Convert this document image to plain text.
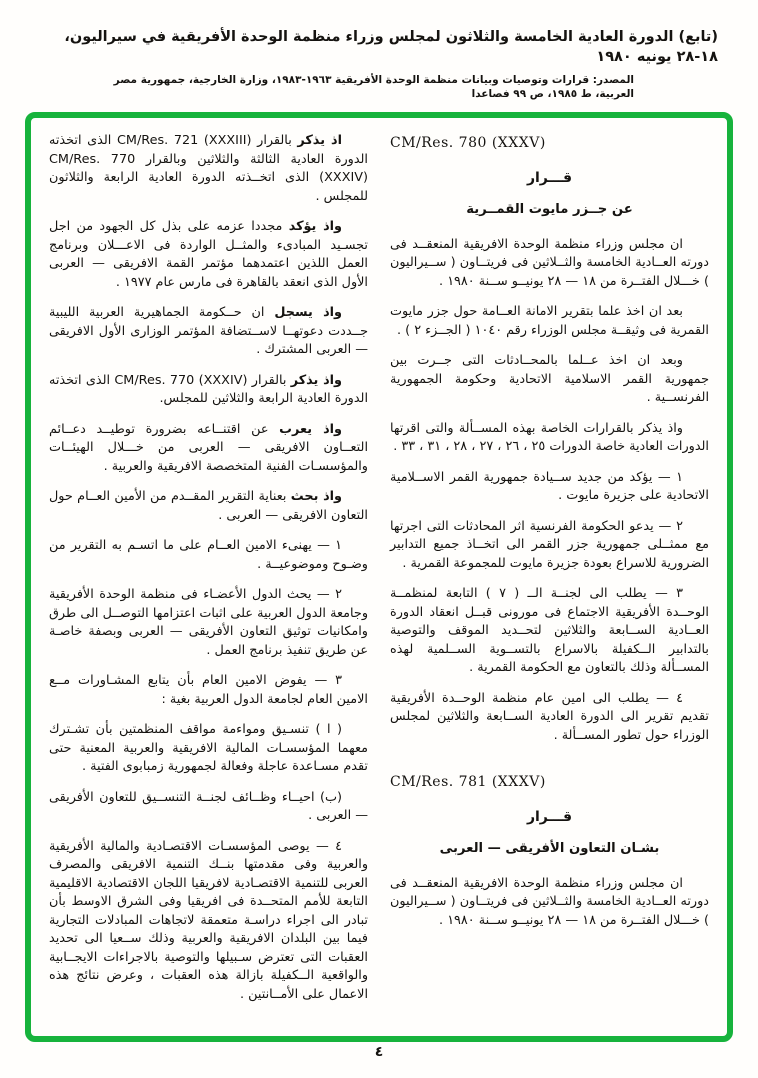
(تابع) الدورة العادية الخامسة والثلاثون لمجلس وزراء منظمة الوحدة الأفريقية في سيراليون، ١٨-٢٨ يونيه ١٩٨٠
المصدر: قرارات وتوصيات وبيانات منظمة الوحدة الأفريقية ١٩٦٣-١٩٨٣، وزارة الخارجية، جمهورية مصر العربية، ط ١٩٨٥، ص ٩٩ فصاعدا
CM/Res. 780 (XXXV)
قـــرار
عن جــزر مايوت القمــرية

ان مجلس وزراء منظمة الوحدة الافريقية المنعقــد فى دورته العــادية الخامسة والثــلاثين فى فريتــاون ( ســيراليون ) خـــلال الفتــرة من ١٨ — ٢٨ يونيــو ســنة ١٩٨٠ .

بعد ان اخذ علما بتقرير الامانة العــامة حول جزر مايوت القمرية فى وثيقــة مجلس الوزراء رقم ١٠٤٠ ( الجــزء ٢ ) .

وبعد ان اخذ عــلما بالمحــادثات التى جــرت بين جمهورية القمر الاسلامية الاتحادية وحكومة الجمهورية الفرنســية .

واذ يذكر بالقرارات الخاصة بهذه المســألة والتى اقرتها الدورات العادية خاصة الدورات ٢٥ ، ٢٦ ، ٢٧ ، ٢٨ ، ٣١ ، ٣٣ .

١ — يؤكد من جديد ســيادة جمهورية القمر الاســلامية الاتحادية على جزيرة مايوت .

٢ — يدعو الحكومة الفرنسية اثر المحادثات التى اجرتها مع ممثــلى جمهورية جزر القمر الى اتخــاذ جميع التدابير الضرورية للاسراع بعودة جزيرة مايوت للمجموعة القمرية .

٣ — يطلب الى لجنــة الــ ( ٧ ) التابعة لمنظمــة الوحــدة الأفريقية الاجتماع فى مورونى قبــل انعقاد الدورة العــادية الســابعة والثلاثين لتحــديد الموقف والتوصية بالتدابير الــكفيلة بالاسراع بالتســوية الســلمية لهذه المســألة وذلك بالتعاون مع الحكومة القمرية .

٤ — يطلب الى امين عام منظمة الوحــدة الأفريقية تقديم تقرير الى الدورة العادية الســابعة والثلاثين لمجلس الوزراء حول تطور المســألة .

CM/Res. 781 (XXXV)
قـــرار
بشـان التعاون الأفريقى — العربى

ان مجلس وزراء منظمة الوحدة الافريقية المنعقــد فى دورته العــادية الخامسة والثــلاثين فى فريتــاون ( ســيراليون ) خـــلال الفتــرة من ١٨ — ٢٨ يونيــو ســنة ١٩٨٠ .

اذ يذكر بالقرار CM/Res. 721 (XXXIII) الذى اتخذته الدورة العادية الثالثة والثلاثين وبالقرار CM/Res. 770 (XXXIV) الذى اتخــذته الدورة العادية الرابعة والثلاثون للمجلس .

واذ يؤكد مجددا عزمه على بذل كل الجهود من اجل تجسـيد المبادىء والمثــل الواردة فى الاعـــلان وبرنامج العمل اللذين اعتمدهما مؤتمر القمة الافريقى — العربى الأول الذى انعقد بالقاهرة فى مارس عام ١٩٧٧ .

واذ يسجل ان حــكومة الجماهيرية العربية الليبية جــددت دعوتهــا لاســتضافة المؤتمر الوزارى الأول الافريقى — العربى المشترك .

واذ يذكر بالقرار CM/Res. 770 (XXXIV) الذى اتخذته الدورة العادية الرابعة والثلاثين للمجلس.

واذ يعرب عن اقتنــاعه بضرورة توطيــد دعــائم التعــاون الافريقى — العربى من خـــلال الهيئــات والمؤسسـات الفنية المتخصصة الافريقية والعربية .

واذ بحث بعناية التقرير المقــدم من الأمين العــام حول التعاون الافريقى — العربى .

١ — يهنىء الامين العــام على ما اتسـم به التقرير من وضـوح وموضوعيــة .

٢ — يحث الدول الأعضـاء فى منظمة الوحدة الأفريقية وجامعة الدول العربية على اثبات اعتزامها التوصــل الى طرق وامكانيات توثيق التعاون الأفريقى — العربى وبصفة خاصـة عن طريق تنفيذ برنامج العمل .

٣ — يفوض الامين العام بأن يتابع المشـاورات مــع الامين العام لجامعة الدول العربية بغية :

( ا ) تنسـيق ومواءمة مواقف المنظمتين بأن تشـترك معهما المؤسسـات المالية الافريقية والعربية المعنية حتى تقدم مسـاعدة عاجلة وفعالة لجمهورية زمبابوى الفتية .

(ب) احيــاء وظــائف لجنــة التنســيق للتعاون الأفريقى — العربى .

٤ — يوصى المؤسسـات الاقتصـادية والمالية الأفريقية والعربية وفى مقدمتها بنــك التنمية الافريقى والمصرف العربى للتنمية الاقتصـادية لافريقيا اللجان الاقتصادية الاقليمية التابعة للأمم المتحــدة فى افريقيا وفى الشرق الاوسط بأن تبادر الى اجراء دراسـة متعمقة لاتجاهات المبادلات التجارية فيما بين البلدان الافريقية والعربية وذلك ســعيا الى تحديد العقبات التى تعترض سـبيلها والتوصية بالاجراءات الايجــابية والواقعية الــكفيلة بازالة هذه العقبات ، وعرض نتائج هذه الاعمال على الأمــانتين .

٤
